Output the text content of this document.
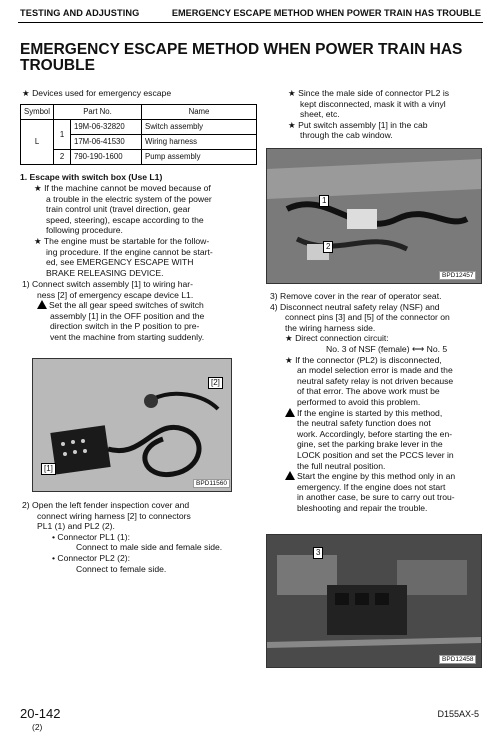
TESTING AND ADJUSTING	EMERGENCY ESCAPE METHOD WHEN POWER TRAIN HAS TROUBLE
EMERGENCY ESCAPE METHOD WHEN POWER TRAIN HAS
TROUBLE
★ Devices used for emergency escape
Symbol	Part No.		Name
L	1	19M-06-32820	Switch assembly
		17M-06-41530	Wiring harness
	2	790-190-1600	Pump assembly
1. Escape with switch box (Use L1)
★ If the machine cannot be moved because of
a trouble in the electric system of the power
train control unit (travel direction, gear
speed, steering), escape according to the
following procedure.
★ The engine must be startable for the follow-
ing procedure. If the engine cannot be start-
ed, see EMERGENCY ESCAPE WITH
BRAKE RELEASING DEVICE.
1) Connect switch assembly [1] to wiring har-
ness [2] of emergency escape device L1.
Set the all gear speed switches of switch
assembly [1] in the OFF position and the
direction switch in the P position to pre-
vent the machine from starting suddenly.
[1]
[2]
BPD11560
2) Open the left fender inspection cover and
connect wiring harness [2] to connectors
PL1 (1) and PL2 (2).
• Connector PL1 (1):
Connect to male side and female side.
• Connector PL2 (2):
Connect to female side.
★ Since the male side of connector PL2 is
kept disconnected, mask it with a vinyl
sheet, etc.
★ Put switch assembly [1] in the cab
through the cab window.
1
2
BPD12457
3) Remove cover in the rear of operator seat.
4) Disconnect neutral safety relay (NSF) and
connect pins [3] and [5] of the connector on
the wiring harness side.
★ Direct connection circuit:
No. 3 of NSF (female) ⟷ No. 5
★ If the connector (PL2) is disconnected,
an model selection error is made and the
neutral safety relay is not driven because
of that error. The above work must be
performed to avoid this problem.
If the engine is started by this method,
the neutral safety function does not
work. Accordingly, before starting the en-
gine, set the parking brake lever in the
LOCK position and set the PCCS lever in
the full neutral position.
Start the engine by this method only in an
emergency. If the engine does not start
in another case, be sure to carry out trou-
bleshooting and repair the trouble.
3
BPD12458
20-142
(2)
D155AX-5
